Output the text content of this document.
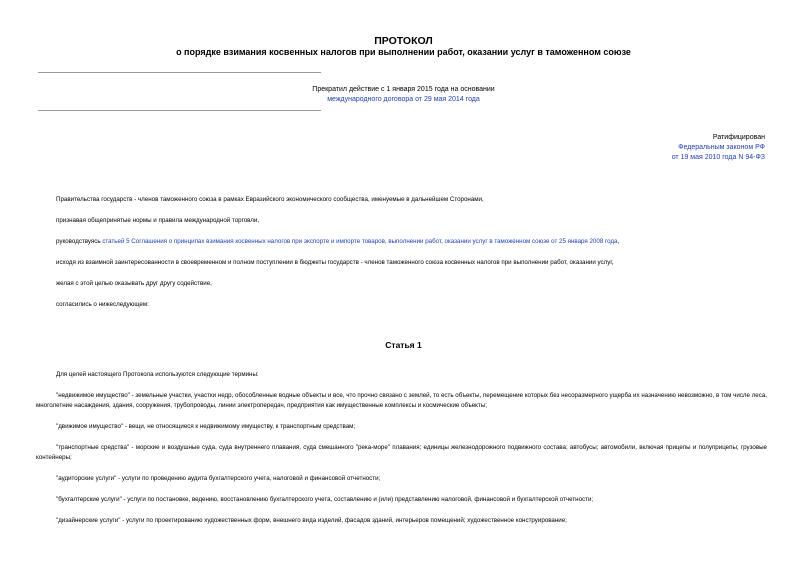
ПРОТОКОЛ
о порядке взимания косвенных налогов при выполнении работ, оказании услуг в таможенном союзе
Прекратил действие с 1 января 2015 года на основании
международного договора от 29 мая 2014 года
Ратифицирован
Федеральным законом РФ
от 19 мая 2010 года N 94-ФЗ
Правительства государств - членов таможенного союза в рамках Евразийского экономического сообщества, именуемые в дальнейшем Сторонами,
признавая общепринятые нормы и правила международной торговли,
руководствуясь статьей 5 Соглашения о принципах взимания косвенных налогов при экспорте и импорте товаров, выполнении работ, оказании услуг в таможенном союзе от 25 января 2008 года,
исходя из взаимной заинтересованности в своевременном и полном поступлении в бюджеты государств - членов таможенного союза косвенных налогов при выполнении работ, оказании услуг,
желая с этой целью оказывать друг другу содействие,
согласились о нижеследующем:
Статья 1
Для целей настоящего Протокола используются следующие термины:
"недвижимое имущество" - земельные участки, участки недр, обособленные водные объекты и все, что прочно связано с землей, то есть объекты, перемещение которых без несоразмерного ущерба их назначению невозможно, в том числе леса, многолетние насаждения, здания, сооружения, трубопроводы, линии электропередач, предприятия как имущественные комплексы и космические объекты;
"движимое имущество" - вещи, не относящиеся к недвижимому имуществу, к транспортным средствам;
"транспортные средства" - морские и воздушные суда, суда внутреннего плавания, суда смешанного "река-море" плавания; единицы железнодорожного подвижного состава; автобусы; автомобили, включая прицепы и полуприцепы; грузовые контейнеры;
"аудиторские услуги" - услуги по проведению аудита бухгалтерского учета, налоговой и финансовой отчетности;
"бухгалтерские услуги" - услуги по постановке, ведению, восстановлению бухгалтерского учета, составлению и (или) представлению налоговой, финансовой и бухгалтерской отчетности;
"дизайнерские услуги" - услуги по проектированию художественных форм, внешнего вида изделий, фасадов зданий, интерьеров помещений; художественное конструирование;
